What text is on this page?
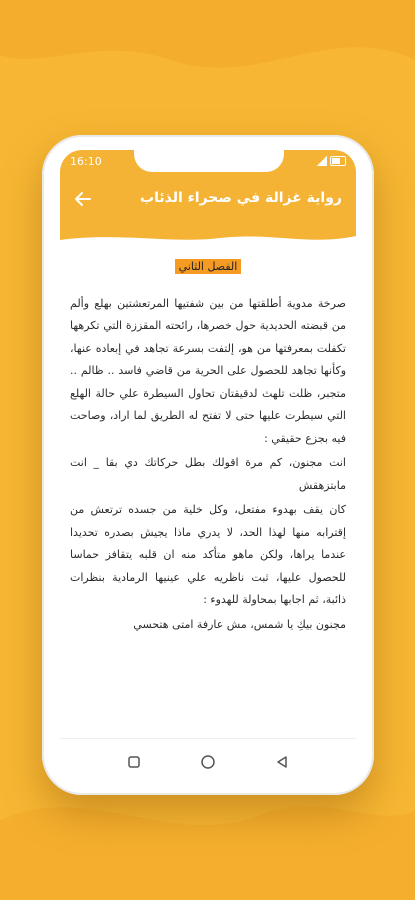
16:10
رواية غزالة في صحراء الذئاب
الفصل الثاني

صرخة مدوية أطلقتها من بين شفتيها المرتعشتين بهلع وألم من قبضته الحديدية حول خصرها، رائحته المقززة التي تكرهها تكفلت بمعرفتها من هو، إلتفت بسرعة تجاهد في إبعاده عنها، وكأنها تجاهد للحصول على الحرية من قاضي فاسد .. ظالم .. متجبر، ظلت تلهث لدقيقتان تحاول السيطرة علي حالة الهلع التي سيطرت عليها حتى لا تفتح له الطريق لما اراد، وصاحت فيه بجزع حقيقي :

انت مجنون، كم مرة اقولك بطل حركاتك دي بقا _ انت مابتزهقش

كان يقف بهدوء مفتعل، وكل خلية من جسده ترتعش من إقترابه منها لهذا الحد، لا يدري ماذا يجيش بصدره تحديدا عندما يراها، ولكن ماهو متأكد منه ان قلبه يتقافز حماسا للحصول عليها، ثبت ناظريه علي عينيها الرمادية بنظرات ذائبة، ثم اجابها بمحاولة للهدوء :

مجنون بيكِ يا شمس، مش عارفة امتى هتحسي
